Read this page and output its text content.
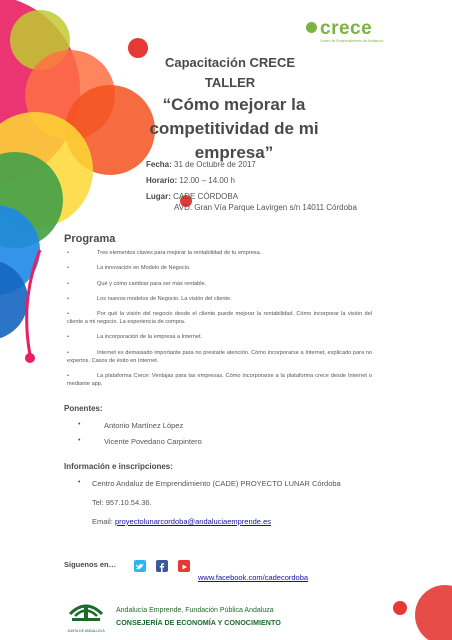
crece
Centro de Emprendimiento de Andalucía
Capacitación CRECE
TALLER
“Cómo mejorar la competitividad de mi empresa”
Fecha: 31 de Octubre de 2017
Horario: 12.00 – 14.00 h
Lugar: CADE CÓRDOBA
AVD. Gran Vía Parque Lavirgen s/n 14011 Córdoba
Programa
•	Tres elementos claves para mejorar la rentabilidad de tu empresa.
•	La innovación en Modelo de Negocio.
•	Qué y cómo cambiar para ser más rentable.
•	Los nuevos modelos de Negocio. La visión del cliente.
•	Por qué la visión del negocio desde el cliente puede mejorar la rentabilidad. Cómo incorporar la visión del cliente a mi negocio. La experiencia de compra.
•	La incorporación de la empresa a Internet.
•	Internet es demasiado importante para no prestarle atención. Cómo incorporarse a Internet, explicado para no expertos. Casos de éxito en Internet.
•	La plataforma Crece: Ventajas para las empresas. Cómo incorporarse a la plataforma crece desde Internet o mediante app.
Ponentes:
•	Antonio Martínez López
•	Vicente Povedano Carpintero
Información e inscripciones:
• Centro Andaluz de Emprendimiento (CADE) PROYECTO LUNAR Córdoba
Tel: 957.10.54.36.
Email: proyectolunarcordoba@andaluciaemprende.es
Síguenos en…
www.facebook.com/cadecordoba
JUNTA DE ANDALUCIA
Andalucía Emprende, Fundación Pública Andaluza
CONSEJERÍA DE ECONOMÍA Y CONOCIMIENTO
